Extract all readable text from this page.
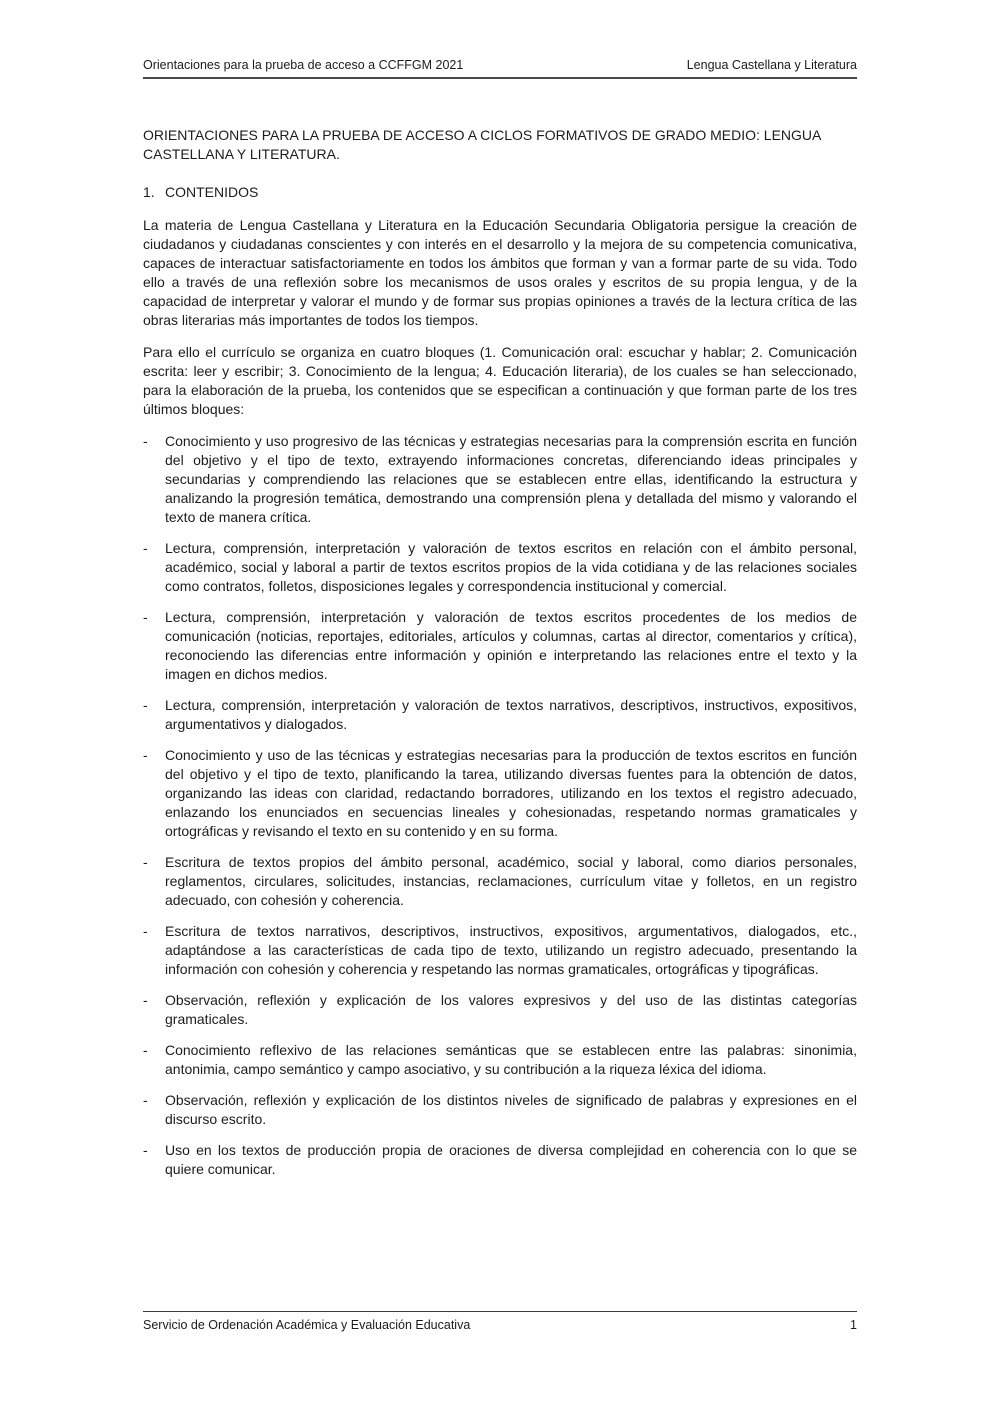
Orientaciones para la prueba de acceso a CCFFGM 2021	Lengua Castellana y Literatura

ORIENTACIONES PARA LA PRUEBA DE ACCESO A CICLOS FORMATIVOS DE GRADO MEDIO: LENGUA CASTELLANA Y LITERATURA.

1. CONTENIDOS

La materia de Lengua Castellana y Literatura en la Educación Secundaria Obligatoria persigue la creación de ciudadanos y ciudadanas conscientes y con interés en el desarrollo y la mejora de su competencia comunicativa, capaces de interactuar satisfactoriamente en todos los ámbitos que forman y van a formar parte de su vida. Todo ello a través de una reflexión sobre los mecanismos de usos orales y escritos de su propia lengua, y de la capacidad de interpretar y valorar el mundo y de formar sus propias opiniones a través de la lectura crítica de las obras literarias más importantes de todos los tiempos.

Para ello el currículo se organiza en cuatro bloques (1. Comunicación oral: escuchar y hablar; 2. Comunicación escrita: leer y escribir; 3. Conocimiento de la lengua; 4. Educación literaria), de los cuales se han seleccionado, para la elaboración de la prueba, los contenidos que se especifican a continuación y que forman parte de los tres últimos bloques:

-	Conocimiento y uso progresivo de las técnicas y estrategias necesarias para la comprensión escrita en función del objetivo y el tipo de texto, extrayendo informaciones concretas, diferenciando ideas principales y secundarias y comprendiendo las relaciones que se establecen entre ellas, identificando la estructura y analizando la progresión temática, demostrando una comprensión plena y detallada del mismo y valorando el texto de manera crítica.
-	Lectura, comprensión, interpretación y valoración de textos escritos en relación con el ámbito personal, académico, social y laboral a partir de textos escritos propios de la vida cotidiana y de las relaciones sociales como contratos, folletos, disposiciones legales y correspondencia institucional y comercial.
-	Lectura, comprensión, interpretación y valoración de textos escritos procedentes de los medios de comunicación (noticias, reportajes, editoriales, artículos y columnas, cartas al director, comentarios y crítica), reconociendo las diferencias entre información y opinión e interpretando las relaciones entre el texto y la imagen en dichos medios.
-	Lectura, comprensión, interpretación y valoración de textos narrativos, descriptivos, instructivos, expositivos, argumentativos y dialogados.
-	Conocimiento y uso de las técnicas y estrategias necesarias para la producción de textos escritos en función del objetivo y el tipo de texto, planificando la tarea, utilizando diversas fuentes para la obtención de datos, organizando las ideas con claridad, redactando borradores, utilizando en los textos el registro adecuado, enlazando los enunciados en secuencias lineales y cohesionadas, respetando normas gramaticales y ortográficas y revisando el texto en su contenido y en su forma.
-	Escritura de textos propios del ámbito personal, académico, social y laboral, como diarios personales, reglamentos, circulares, solicitudes, instancias, reclamaciones, currículum vitae y folletos, en un registro adecuado, con cohesión y coherencia.
-	Escritura de textos narrativos, descriptivos, instructivos, expositivos, argumentativos, dialogados, etc., adaptándose a las características de cada tipo de texto, utilizando un registro adecuado, presentando la información con cohesión y coherencia y respetando las normas gramaticales, ortográficas y tipográficas.
-	Observación, reflexión y explicación de los valores expresivos y del uso de las distintas categorías gramaticales.
-	Conocimiento reflexivo de las relaciones semánticas que se establecen entre las palabras: sinonimia, antonimia, campo semántico y campo asociativo, y su contribución a la riqueza léxica del idioma.
-	Observación, reflexión y explicación de los distintos niveles de significado de palabras y expresiones en el discurso escrito.
-	Uso en los textos de producción propia de oraciones de diversa complejidad en coherencia con lo que se quiere comunicar.
Servicio de Ordenación Académica y Evaluación Educativa	1
